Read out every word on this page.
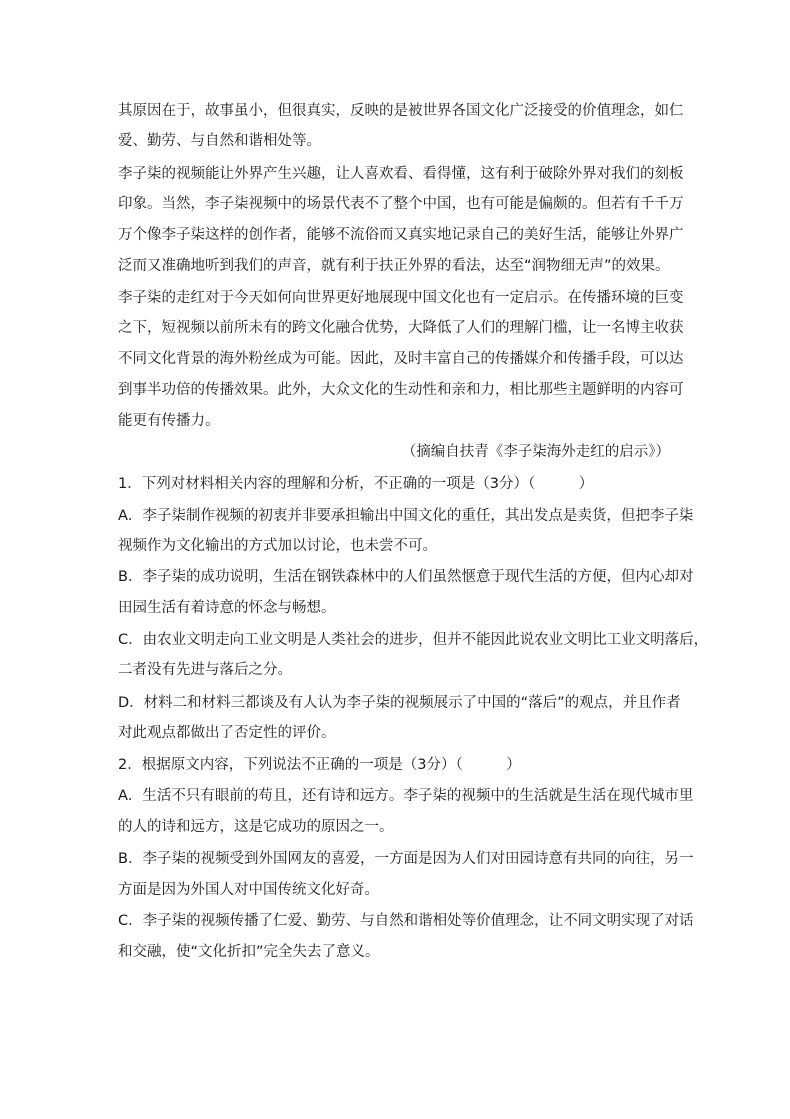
其原因在于，故事虽小，但很真实，反映的是被世界各国文化广泛接受的价值理念，如仁
爱、勤劳、与自然和谐相处等。
李子柒的视频能让外界产生兴趣，让人喜欢看、看得懂，这有利于破除外界对我们的刻板
印象。当然，李子柒视频中的场景代表不了整个中国，也有可能是偏颇的。但若有千千万
万个像李子柒这样的创作者，能够不流俗而又真实地记录自己的美好生活，能够让外界广
泛而又准确地听到我们的声音，就有利于扶正外界的看法，达至“润物细无声”的效果。
李子柒的走红对于今天如何向世界更好地展现中国文化也有一定启示。在传播环境的巨变
之下，短视频以前所未有的跨文化融合优势，大降低了人们的理解门槛，让一名博主收获
不同文化背景的海外粉丝成为可能。因此，及时丰富自己的传播媒介和传播手段，可以达
到事半功倍的传播效果。此外，大众文化的生动性和亲和力，相比那些主题鲜明的内容可
能更有传播力。
（摘编自扶青《李子柒海外走红的启示》）
1．下列对材料相关内容的理解和分析，不正确的一项是（3分）（　　　）
A．李子柒制作视频的初衷并非要承担输出中国文化的重任，其出发点是卖货，但把李子柒
视频作为文化输出的方式加以讨论，也未尝不可。
B．李子柒的成功说明，生活在钢铁森林中的人们虽然惬意于现代生活的方便，但内心却对
田园生活有着诗意的怀念与畅想。
C．由农业文明走向工业文明是人类社会的进步，但并不能因此说农业文明比工业文明落后，
二者没有先进与落后之分。
D．材料二和材料三都谈及有人认为李子柒的视频展示了中国的“落后”的观点，并且作者
对此观点都做出了否定性的评价。
2．根据原文内容，下列说法不正确的一项是（3分）（　　　）
A．生活不只有眼前的苟且，还有诗和远方。李子柒的视频中的生活就是生活在现代城市里
的人的诗和远方，这是它成功的原因之一。
B．李子柒的视频受到外国网友的喜爱，一方面是因为人们对田园诗意有共同的向往，另一
方面是因为外国人对中国传统文化好奇。
C．李子柒的视频传播了仁爱、勤劳、与自然和谐相处等价值理念，让不同文明实现了对话
和交融，使“文化折扣”完全失去了意义。
